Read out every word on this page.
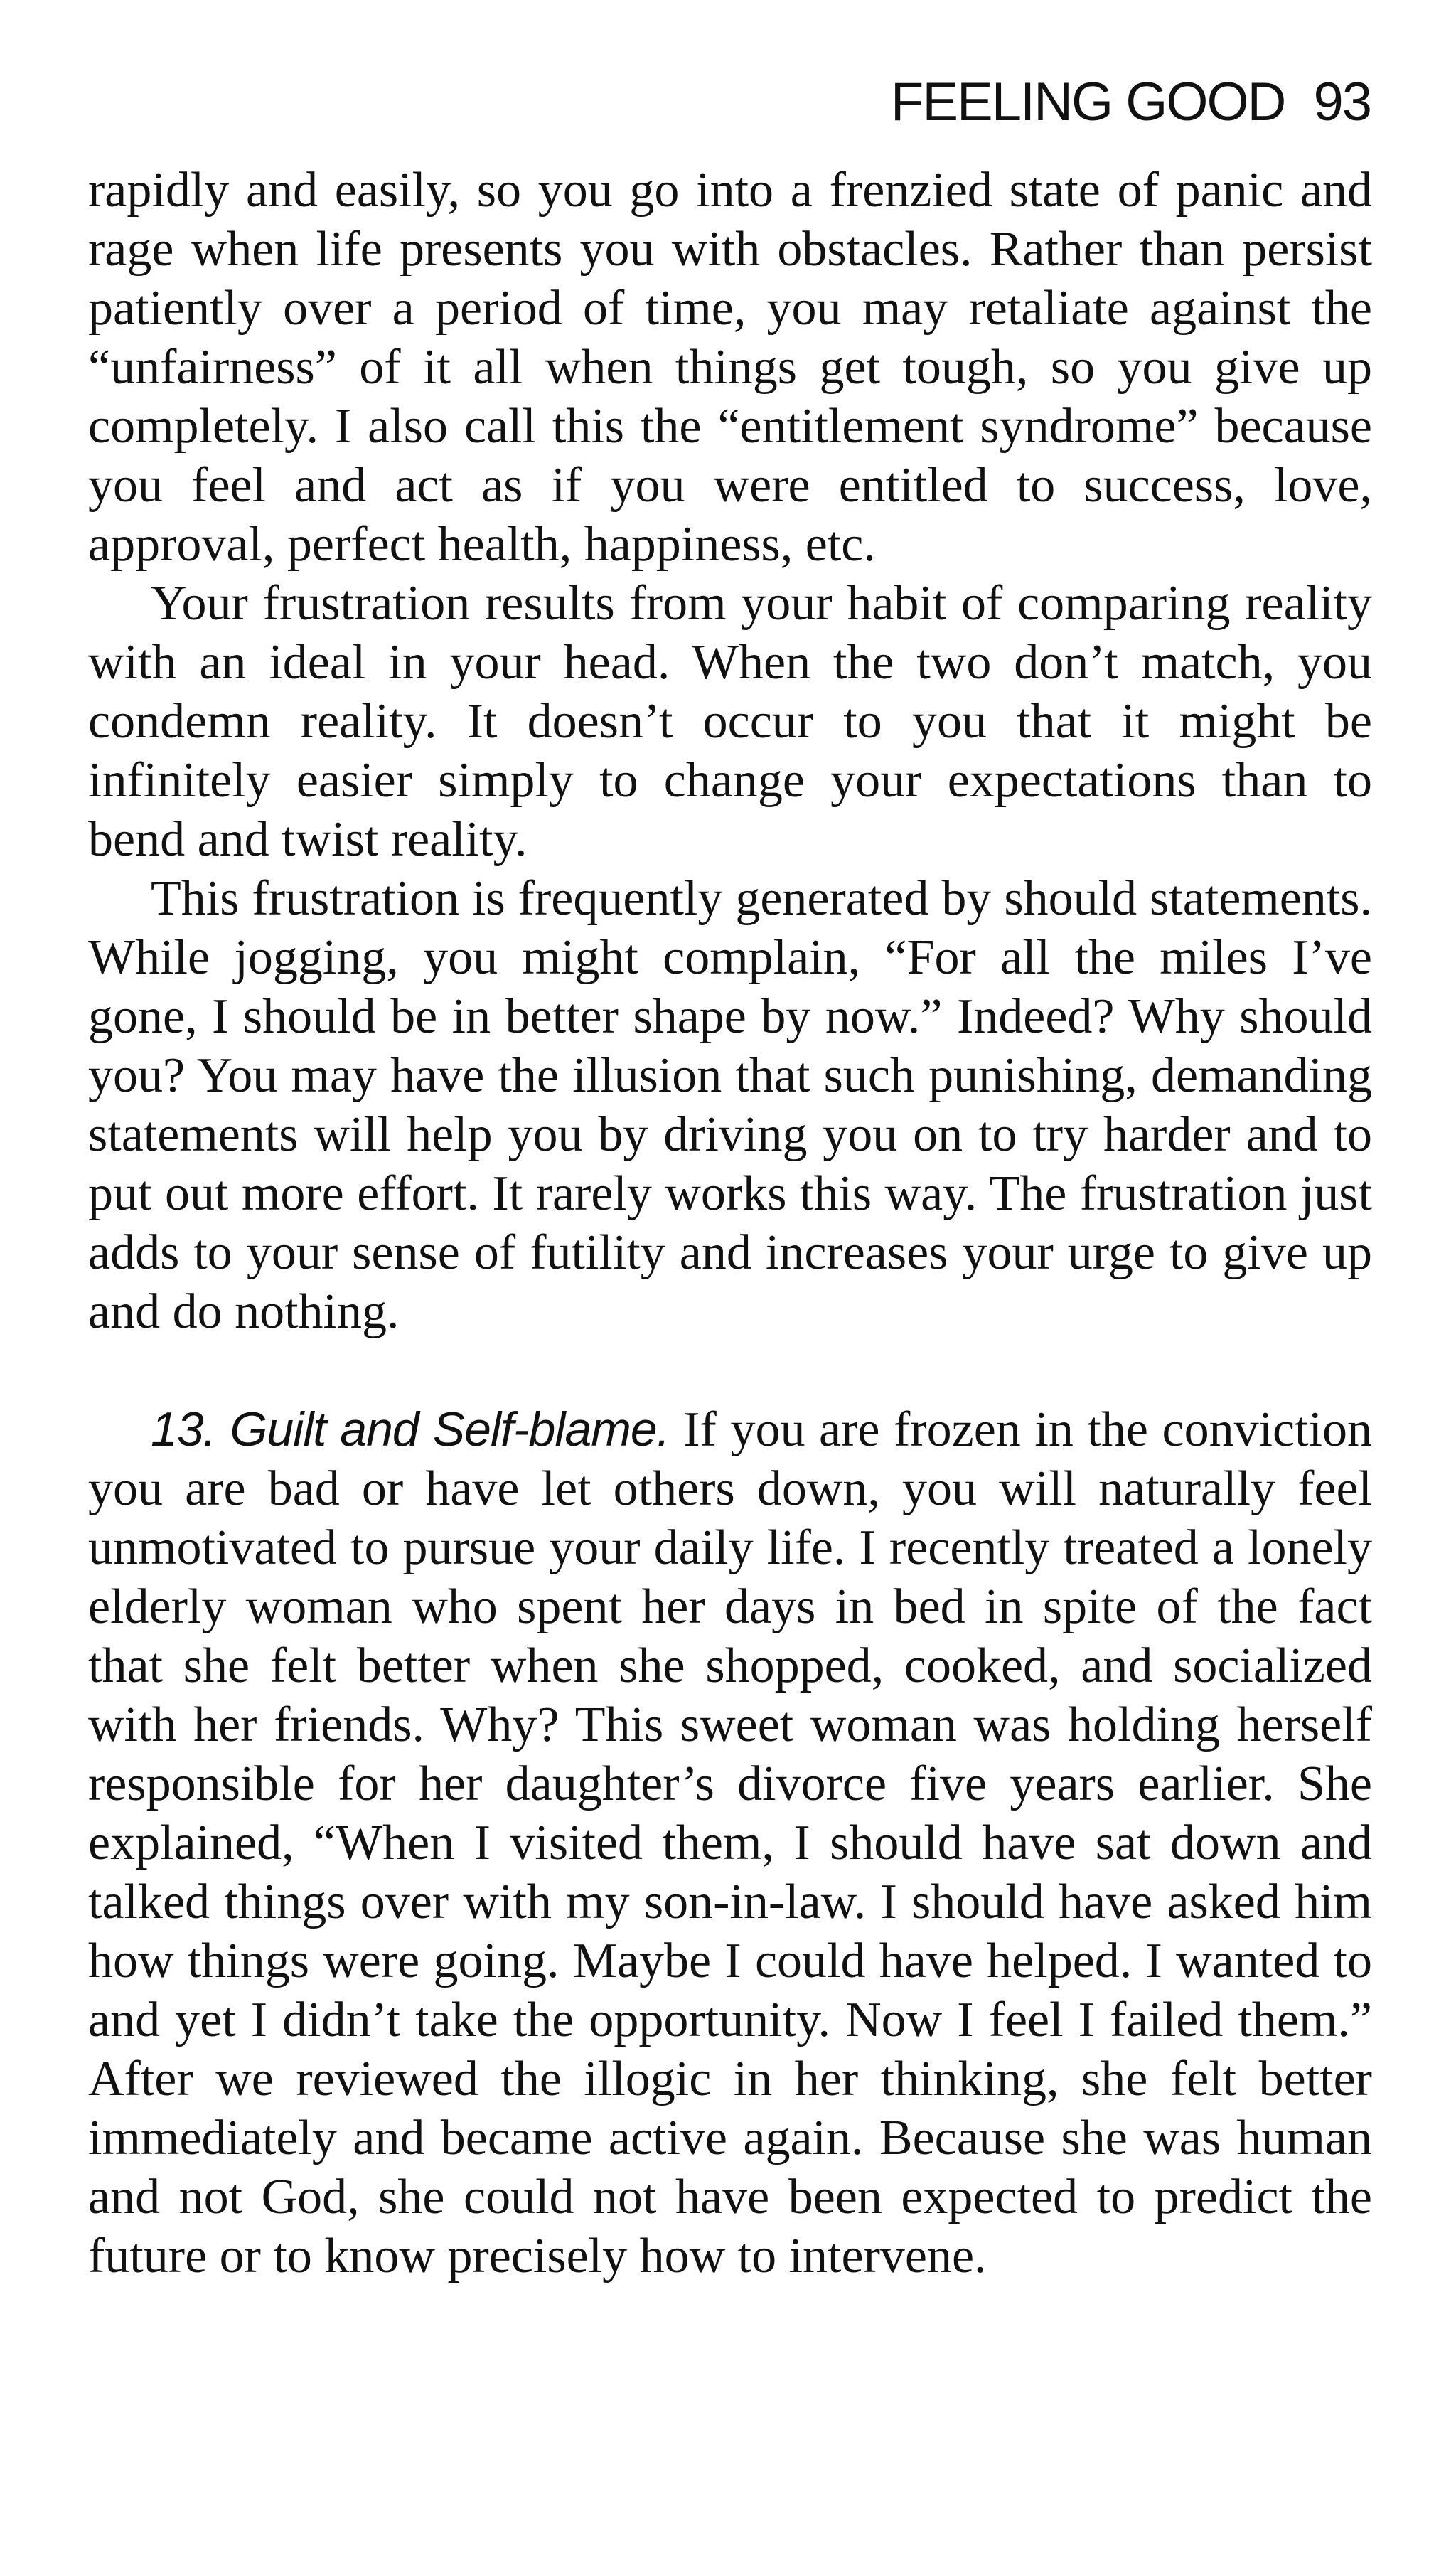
FEELING GOOD 93

rapidly and easily, so you go into a frenzied state of panic and rage when life presents you with obstacles. Rather than persist patiently over a period of time, you may retaliate against the “unfairness” of it all when things get tough, so you give up completely. I also call this the “entitlement syndrome” because you feel and act as if you were entitled to success, love, approval, perfect health, happiness, etc.

Your frustration results from your habit of comparing reality with an ideal in your head. When the two don’t match, you condemn reality. It doesn’t occur to you that it might be infinitely easier simply to change your expectations than to bend and twist reality.

This frustration is frequently generated by should statements. While jogging, you might complain, “For all the miles I’ve gone, I should be in better shape by now.” Indeed? Why should you? You may have the illusion that such punishing, demanding statements will help you by driving you on to try harder and to put out more effort. It rarely works this way. The frustration just adds to your sense of futility and increases your urge to give up and do nothing.

13. Guilt and Self-blame. If you are frozen in the conviction you are bad or have let others down, you will naturally feel unmotivated to pursue your daily life. I recently treated a lonely elderly woman who spent her days in bed in spite of the fact that she felt better when she shopped, cooked, and socialized with her friends. Why? This sweet woman was holding herself responsible for her daughter’s divorce five years earlier. She explained, “When I visited them, I should have sat down and talked things over with my son-in-law. I should have asked him how things were going. Maybe I could have helped. I wanted to and yet I didn’t take the opportunity. Now I feel I failed them.” After we reviewed the illogic in her thinking, she felt better immediately and became active again. Because she was human and not God, she could not have been expected to predict the future or to know precisely how to intervene.
